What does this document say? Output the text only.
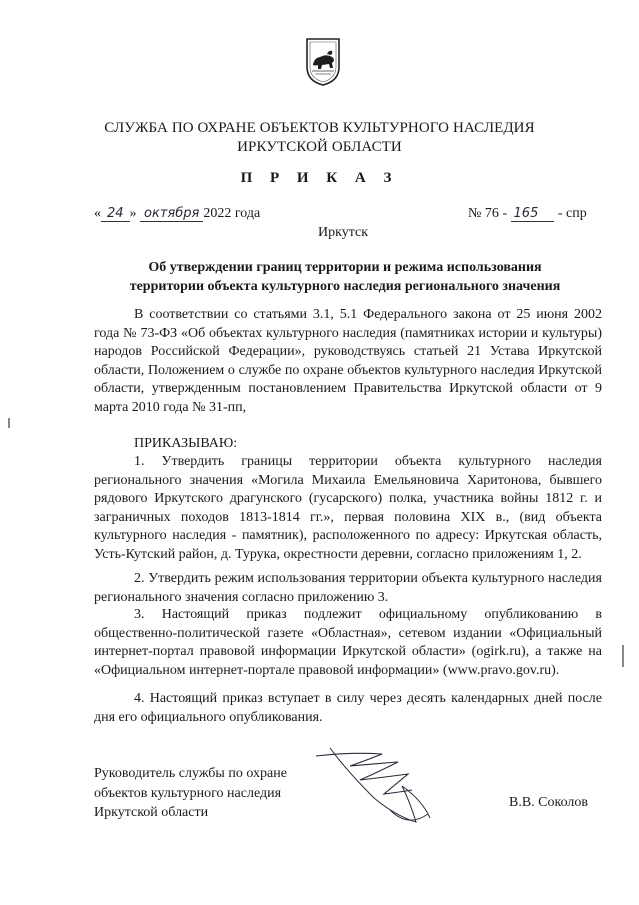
СЛУЖБА ПО ОХРАНЕ ОБЪЕКТОВ КУЛЬТУРНОГО НАСЛЕДИЯ
ИРКУТСКОЙ ОБЛАСТИ
П Р И К А З
« 24 » октября 2022 года	№ 76 - 165 - спр
Иркутск
Об утверждении границ территории и режима использования
территории объекта культурного наследия регионального значения
В соответствии со статьями 3.1, 5.1 Федерального закона от 25 июня 2002 года № 73-ФЗ «Об объектах культурного наследия (памятниках истории и культуры) народов Российской Федерации», руководствуясь статьей 21 Устава Иркутской области, Положением о службе по охране объектов культурного наследия Иркутской области, утвержденным постановлением Правительства Иркутской области от 9 марта 2010 года № 31-пп,
ПРИКАЗЫВАЮ:
1. Утвердить границы территории объекта культурного наследия регионального значения «Могила Михаила Емельяновича Харитонова, бывшего рядового Иркутского драгунского (гусарского) полка, участника войны 1812 г. и заграничных походов 1813-1814 гг.», первая половина XIX в., (вид объекта культурного наследия - памятник), расположенного по адресу: Иркутская область, Усть-Кутский район, д. Турука, окрестности деревни, согласно приложениям 1, 2.
2. Утвердить режим использования территории объекта культурного наследия регионального значения согласно приложению 3.
3. Настоящий приказ подлежит официальному опубликованию в общественно-политической газете «Областная», сетевом издании «Официальный интернет-портал правовой информации Иркутской области» (ogirk.ru), а также на «Официальном интернет-портале правовой информации» (www.pravo.gov.ru).
4. Настоящий приказ вступает в силу через десять календарных дней после дня его официального опубликования.
Руководитель службы по охране
объектов культурного наследия
Иркутской области
В.В. Соколов
